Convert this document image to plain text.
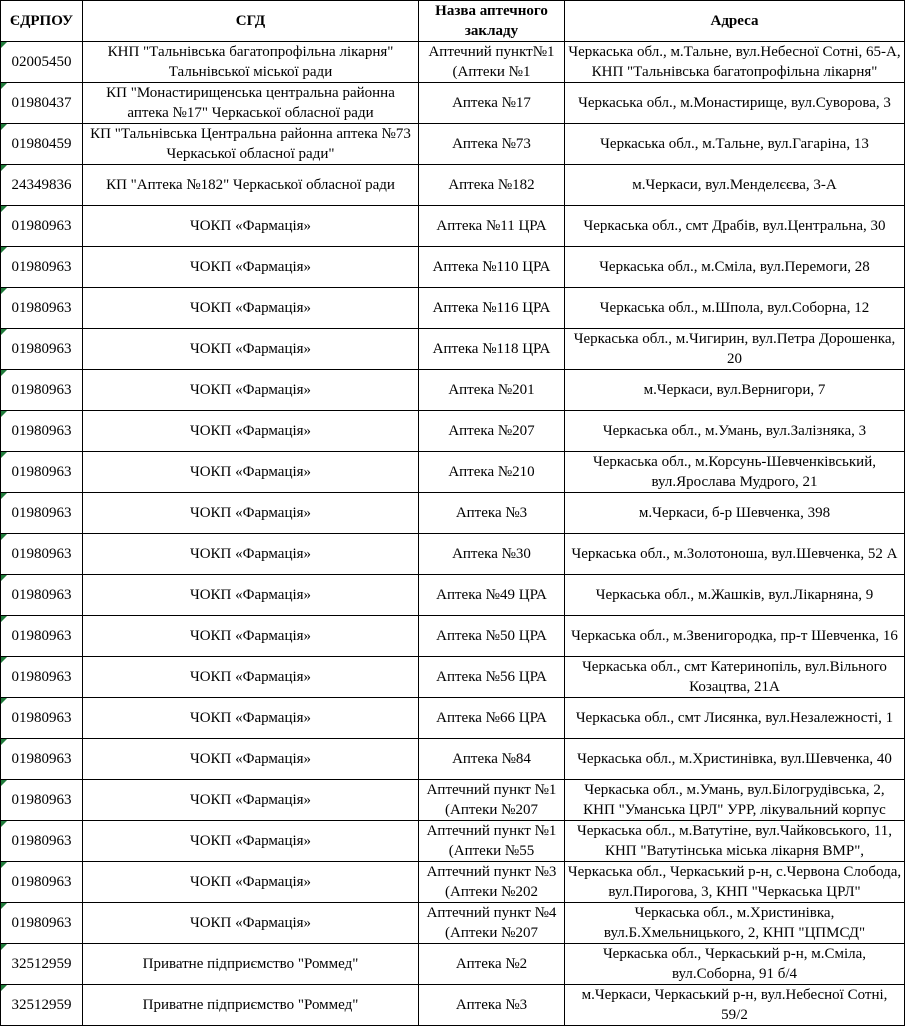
ЄДРПОУ	СГД	Назва аптечного закладу	Адреса
02005450	КНП "Тальнівська багатопрофільна лікарня" Тальнівської міської ради	Аптечний пункт№1 (Аптеки №1	Черкаська обл., м.Тальне, вул.Небесної Сотні, 65-А, КНП "Тальнівська багатопрофільна лікарня"
01980437	КП "Монастирищенська центральна районна аптека №17" Черкаської обласної ради	Аптека №17	Черкаська обл., м.Монастирище, вул.Суворова, 3
01980459	КП "Тальнівська Центральна районна аптека №73 Черкаської обласної ради"	Аптека №73	Черкаська обл., м.Тальне, вул.Гагаріна, 13
24349836	КП "Аптека №182" Черкаської обласної ради	Аптека №182	м.Черкаси, вул.Менделєєва, 3-А
01980963	ЧОКП «Фармація»	Аптека №11 ЦРА	Черкаська обл., смт Драбів, вул.Центральна, 30
01980963	ЧОКП «Фармація»	Аптека №110 ЦРА	Черкаська обл., м.Сміла, вул.Перемоги, 28
01980963	ЧОКП «Фармація»	Аптека №116 ЦРА	Черкаська обл., м.Шпола, вул.Соборна, 12
01980963	ЧОКП «Фармація»	Аптека №118 ЦРА	Черкаська обл., м.Чигирин, вул.Петра Дорошенка, 20
01980963	ЧОКП «Фармація»	Аптека №201	м.Черкаси, вул.Вернигори, 7
01980963	ЧОКП «Фармація»	Аптека №207	Черкаська обл., м.Умань, вул.Залізняка, 3
01980963	ЧОКП «Фармація»	Аптека №210	Черкаська обл., м.Корсунь-Шевченківський, вул.Ярослава Мудрого, 21
01980963	ЧОКП «Фармація»	Аптека №3	м.Черкаси, б-р Шевченка, 398
01980963	ЧОКП «Фармація»	Аптека №30	Черкаська обл., м.Золотоноша, вул.Шевченка, 52 А
01980963	ЧОКП «Фармація»	Аптека №49 ЦРА	Черкаська обл., м.Жашків, вул.Лікарняна, 9
01980963	ЧОКП «Фармація»	Аптека №50 ЦРА	Черкаська обл., м.Звенигородка, пр-т Шевченка, 16
01980963	ЧОКП «Фармація»	Аптека №56 ЦРА	Черкаська обл., смт Катеринопіль, вул.Вільного Козацтва, 21А
01980963	ЧОКП «Фармація»	Аптека №66 ЦРА	Черкаська обл., смт Лисянка, вул.Незалежності, 1
01980963	ЧОКП «Фармація»	Аптека №84	Черкаська обл., м.Христинівка, вул.Шевченка, 40
01980963	ЧОКП «Фармація»	Аптечний пункт №1 (Аптеки №207	Черкаська обл., м.Умань, вул.Білогрудівська, 2, КНП "Уманська ЦРЛ" УРР, лікувальний корпус
01980963	ЧОКП «Фармація»	Аптечний пункт №1 (Аптеки №55	Черкаська обл., м.Ватутіне, вул.Чайковського, 11, КНП "Ватутінська міська лікарня ВМР",
01980963	ЧОКП «Фармація»	Аптечний пункт №3 (Аптеки №202	Черкаська обл., Черкаський р-н, с.Червона Слобода, вул.Пирогова, 3, КНП "Черкаська ЦРЛ"
01980963	ЧОКП «Фармація»	Аптечний пункт №4 (Аптеки №207	Черкаська обл., м.Христинівка, вул.Б.Хмельницького, 2, КНП "ЦПМСД"
32512959	Приватне підприємство "Роммед"	Аптека №2	Черкаська обл., Черкаський р-н, м.Сміла, вул.Соборна, 91 б/4
32512959	Приватне підприємство "Роммед"	Аптека №3	м.Черкаси, Черкаський р-н, вул.Небесної Сотні, 59/2
